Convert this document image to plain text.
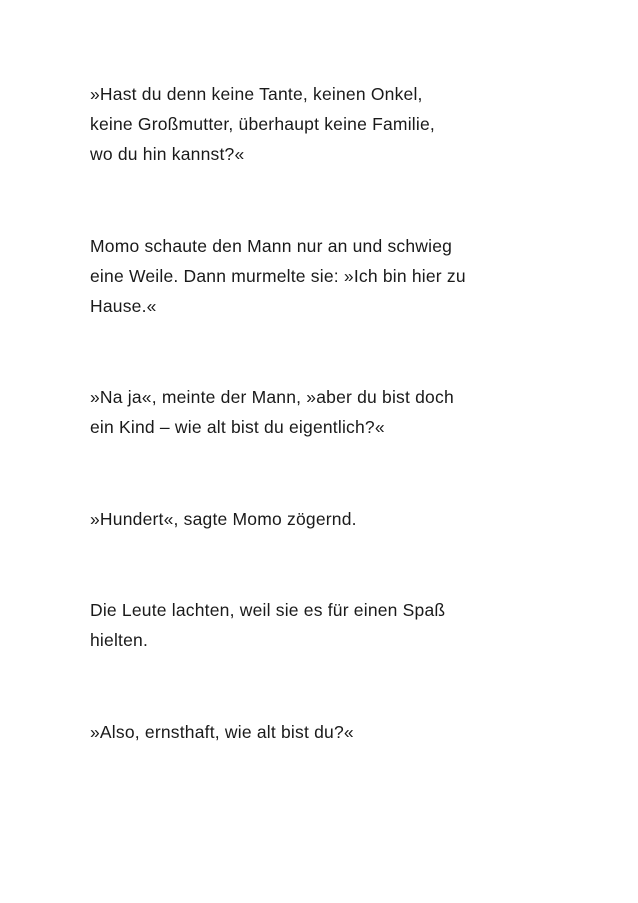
»Hast du denn keine Tante, keinen Onkel,
keine Großmutter, überhaupt keine Familie,
wo du hin kannst?«

Momo schaute den Mann nur an und schwieg
eine Weile. Dann murmelte sie: »Ich bin hier zu
Hause.«

»Na ja«, meinte der Mann, »aber du bist doch
ein Kind – wie alt bist du eigentlich?«

»Hundert«, sagte Momo zögernd.

Die Leute lachten, weil sie es für einen Spaß
hielten.

»Also, ernsthaft, wie alt bist du?«
